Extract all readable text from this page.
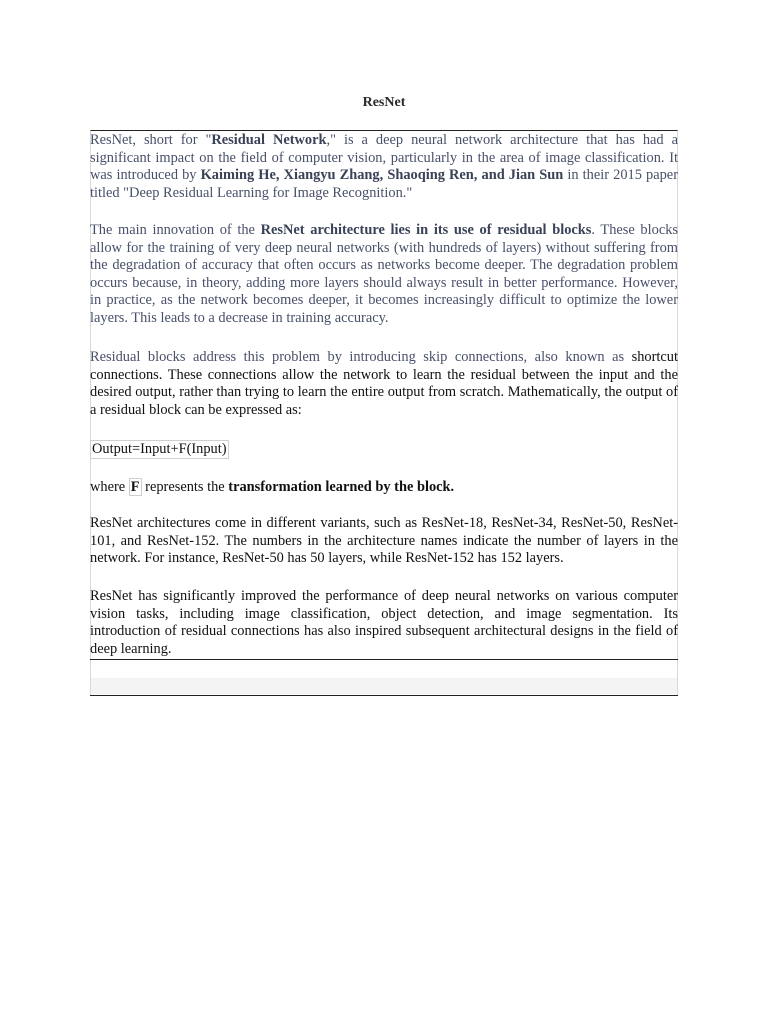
ResNet

ResNet, short for "Residual Network," is a deep neural network architecture that has had a significant impact on the field of computer vision, particularly in the area of image classification. It was introduced by Kaiming He, Xiangyu Zhang, Shaoqing Ren, and Jian Sun in their 2015 paper titled "Deep Residual Learning for Image Recognition."

The main innovation of the ResNet architecture lies in its use of residual blocks. These blocks allow for the training of very deep neural networks (with hundreds of layers) without suffering from the degradation of accuracy that often occurs as networks become deeper. The degradation problem occurs because, in theory, adding more layers should always result in better performance. However, in practice, as the network becomes deeper, it becomes increasingly difficult to optimize the lower layers. This leads to a decrease in training accuracy.

Residual blocks address this problem by introducing skip connections, also known as shortcut connections. These connections allow the network to learn the residual between the input and the desired output, rather than trying to learn the entire output from scratch. Mathematically, the output of a residual block can be expressed as:

Output=Input+F(Input)

where F represents the transformation learned by the block.

ResNet architectures come in different variants, such as ResNet-18, ResNet-34, ResNet-50, ResNet-101, and ResNet-152. The numbers in the architecture names indicate the number of layers in the network. For instance, ResNet-50 has 50 layers, while ResNet-152 has 152 layers.

ResNet has significantly improved the performance of deep neural networks on various computer vision tasks, including image classification, object detection, and image segmentation. Its introduction of residual connections has also inspired subsequent architectural designs in the field of deep learning.
